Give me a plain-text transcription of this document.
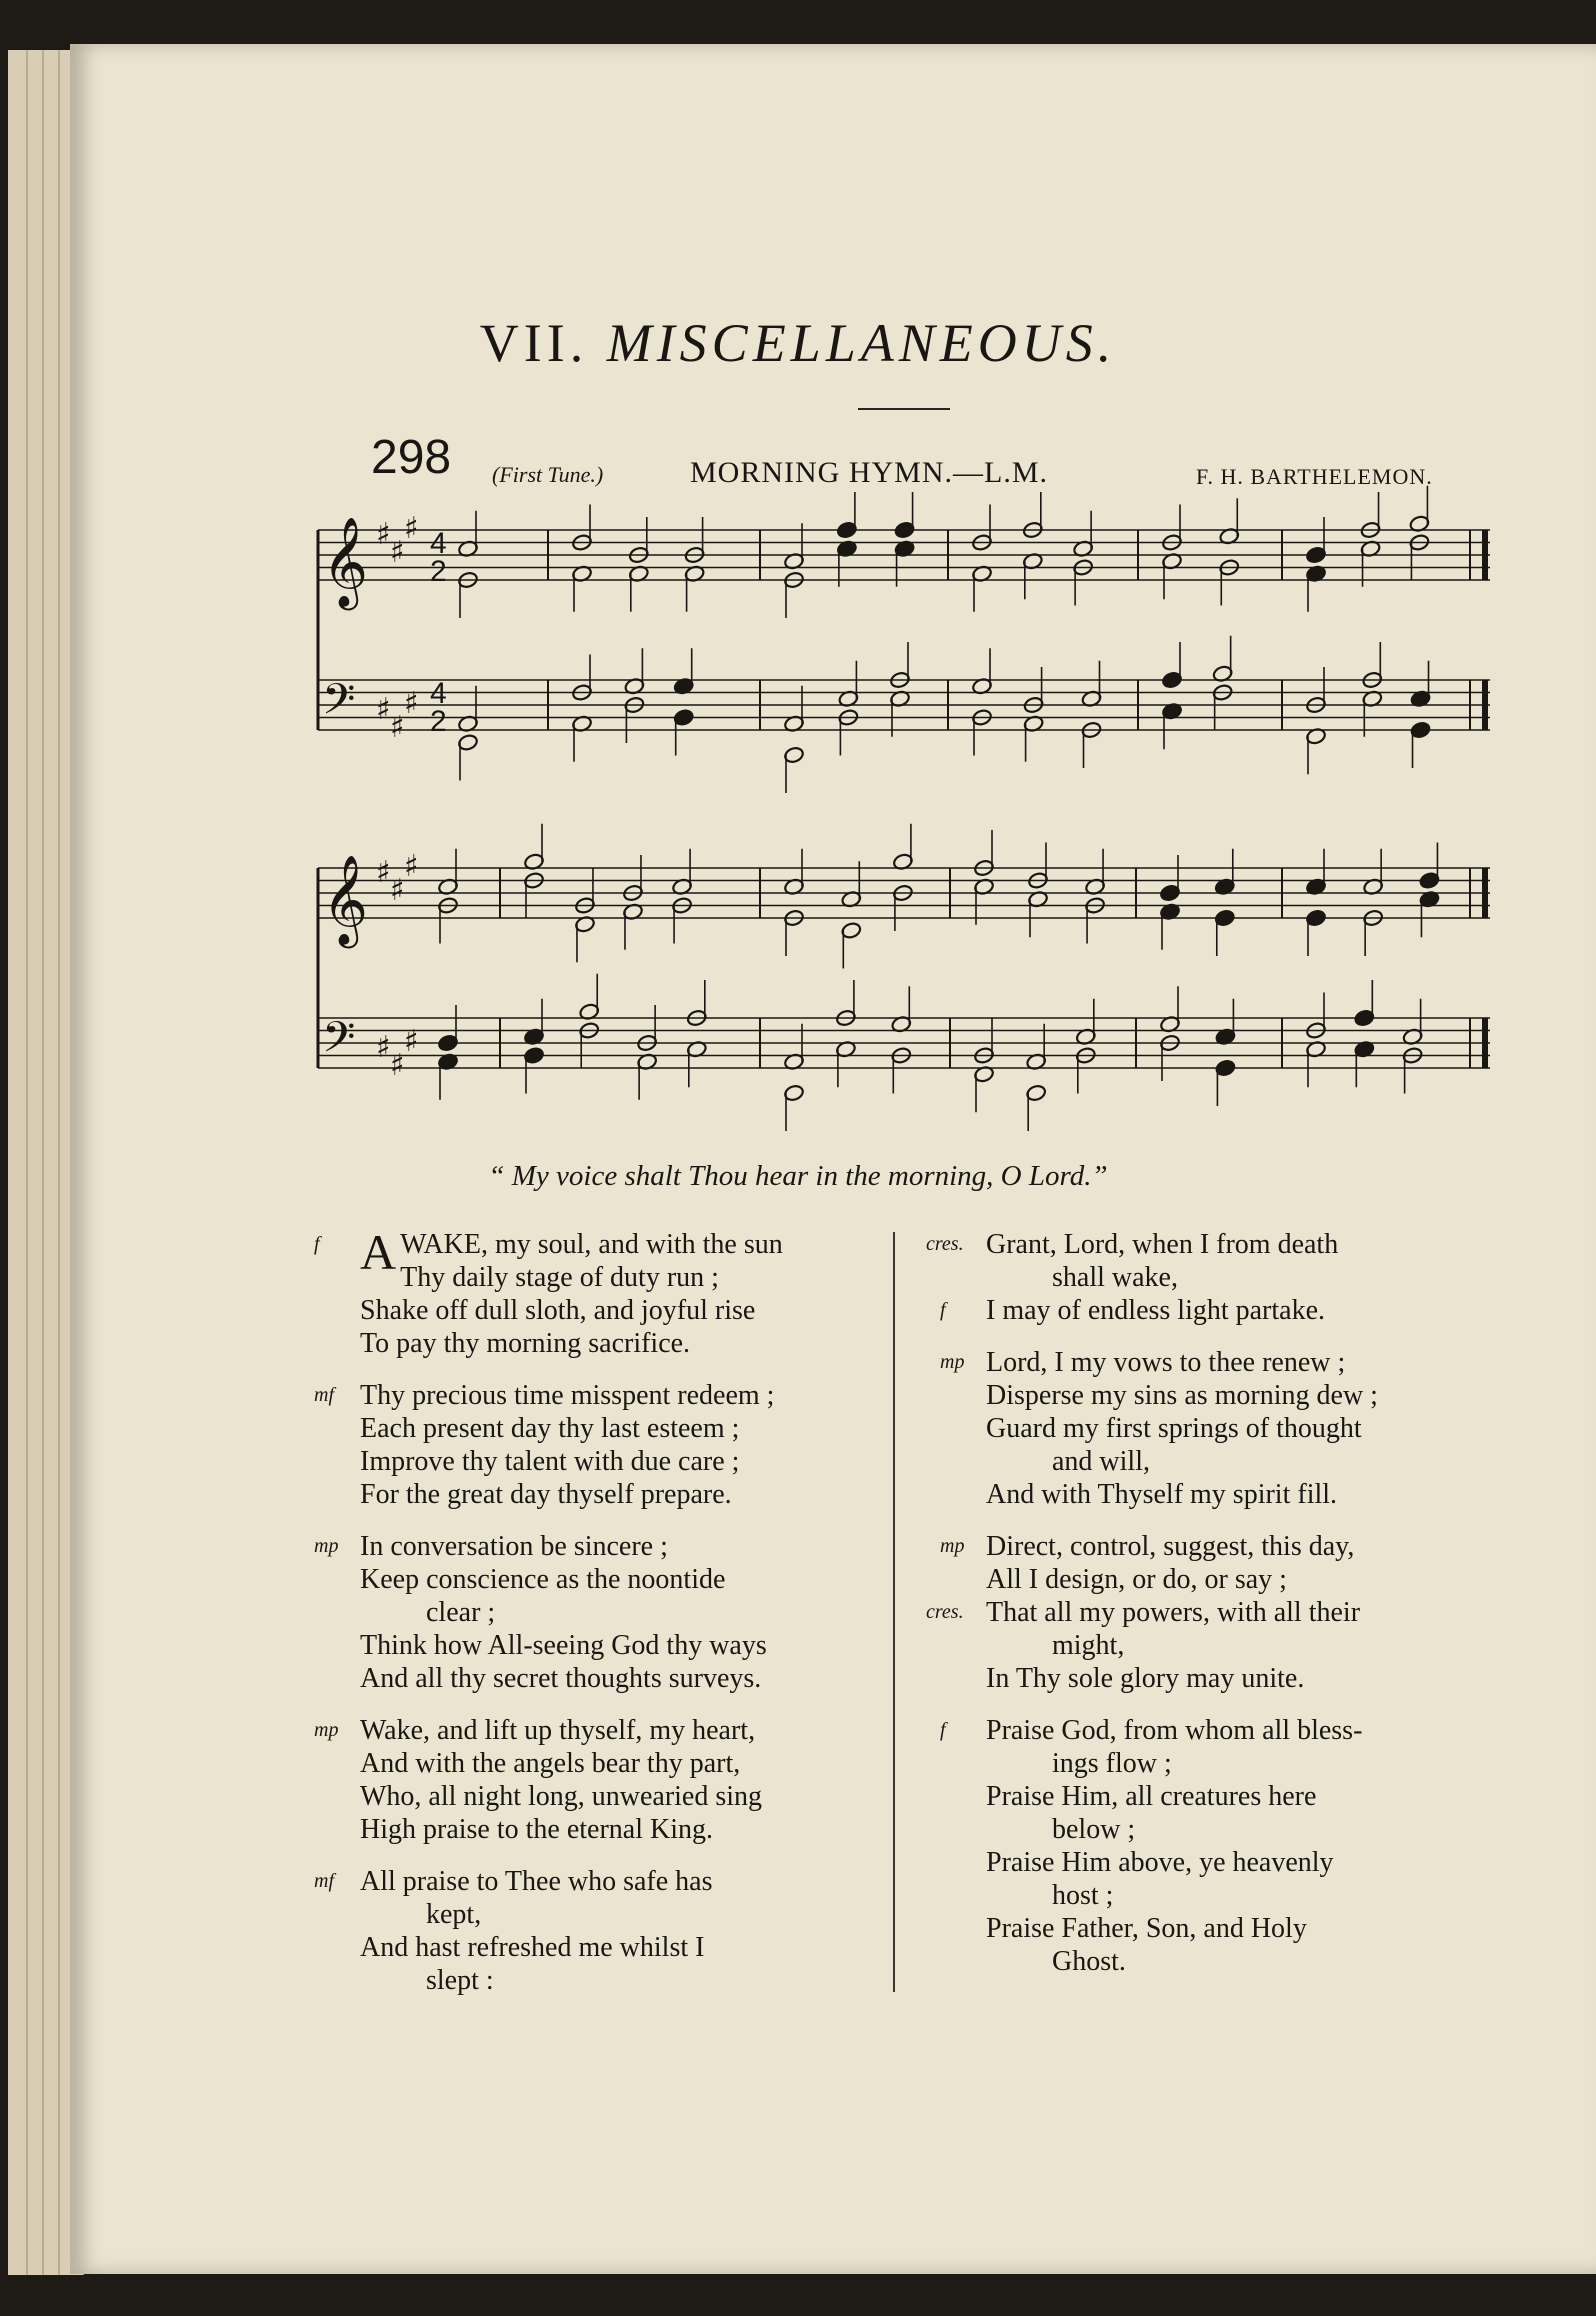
VII. MISCELLANEOUS.
298 (First Tune.)	MORNING HYMN.—L.M.	F. H. BARTHELEMON.
𝄞 ♯
♯
♯ 4
2
𝄢 ♯
♯
♯ 4
2
𝄞 ♯
♯
♯
𝄢 ♯
♯
♯
“ My voice shalt Thou hear in the morning, O Lord.”
f AWAKE, my soul, and with the sun
Thy daily stage of duty run ;
Shake off dull sloth, and joyful rise
To pay thy morning sacrifice.
mf Thy precious time misspent redeem ;
Each present day thy last esteem ;
Improve thy talent with due care ;
For the great day thyself prepare.
mp In conversation be sincere ;
Keep conscience as the noontide
clear ;
Think how All-seeing God thy ways
And all thy secret thoughts surveys.
mp Wake, and lift up thyself, my heart,
And with the angels bear thy part,
Who, all night long, unwearied sing
High praise to the eternal King.
mf All praise to Thee who safe has
kept,
And hast refreshed me whilst I
slept :
cres. Grant, Lord, when I from death
shall wake,
f I may of endless light partake.
mp Lord, I my vows to thee renew ;
Disperse my sins as morning dew ;
Guard my first springs of thought
and will,
And with Thyself my spirit fill.
mp Direct, control, suggest, this day,
All I design, or do, or say ;
cres. That all my powers, with all their
might,
In Thy sole glory may unite.
f Praise God, from whom all bless-
ings flow ;
Praise Him, all creatures here
below ;
Praise Him above, ye heavenly
host ;
Praise Father, Son, and Holy
Ghost.
